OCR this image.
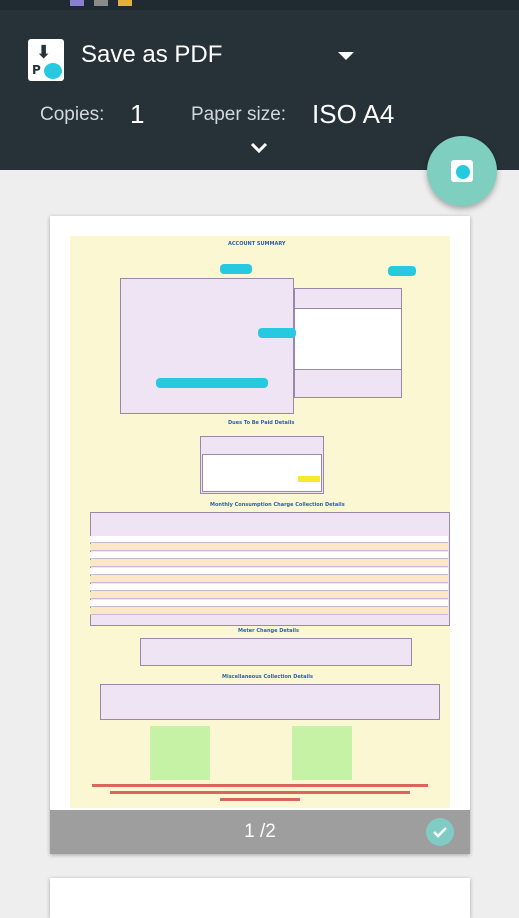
⬇
P
Save as PDF
Copies: 1 Paper size: ISO A4
ACCOUNT SUMMARY
Dues To Be Paid Details
Monthly Consumption Charge Collection Details
Meter Change Details
Miscellaneous Collection Details

1 /2
